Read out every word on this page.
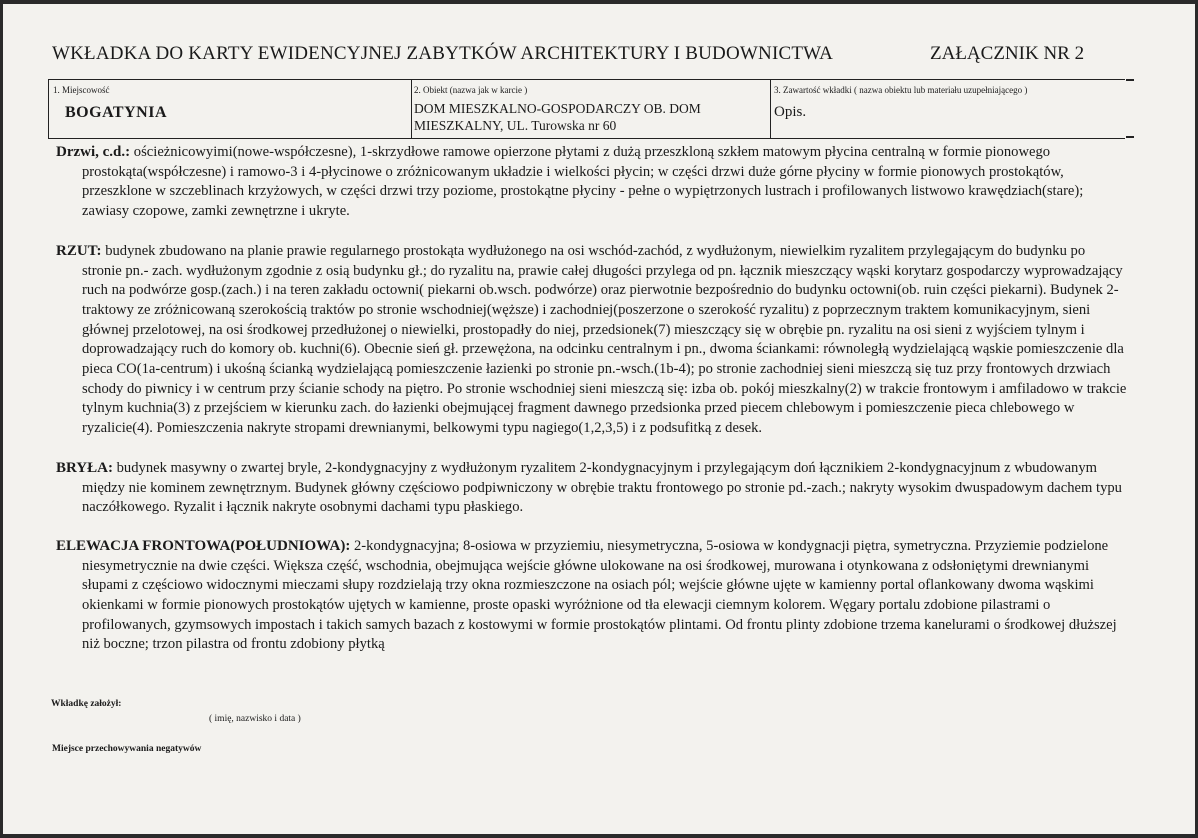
WKŁADKA DO KARTY EWIDENCYJNEJ ZABYTKÓW ARCHITEKTURY I BUDOWNICTWA	ZAŁĄCZNIK NR 2
1. Miejscowość
BOGATYNIA
2. Obiekt (nazwa jak w karcie )
DOM MIESZKALNO-GOSPODARCZY OB. DOM MIESZKALNY, UL. Turowska nr 60
3. Zawartość wkładki ( nazwa obiektu lub materiału uzupełniającego )
Opis.

Drzwi, c.d.: ościeżnicowyimi(nowe-współczesne), 1-skrzydłowe ramowe opierzone płytami z dużą przeszkloną szkłem matowym płycina centralną w formie pionowego prostokąta(współczesne) i ramowo-3 i 4-płycinowe o zróżnicowanym układzie i wielkości płycin; w części drzwi duże górne płyciny w formie pionowych prostokątów, przeszklone w szczeblinach krzyżowych, w części drzwi trzy poziome, prostokątne płyciny - pełne o wypiętrzonych lustrach i profilowanych listwowo krawędziach(stare); zawiasy czopowe, zamki zewnętrzne i ukryte.

RZUT: budynek zbudowano na planie prawie regularnego prostokąta wydłużonego na osi wschód-zachód, z wydłużonym, niewielkim ryzalitem przylegającym do budynku po stronie pn.- zach. wydłużonym zgodnie z osią budynku gł.; do ryzalitu na, prawie całej długości przylega od pn. łącznik mieszczący wąski korytarz gospodarczy wyprowadzający ruch na podwórze gosp.(zach.) i na teren zakładu octowni( piekarni ob.wsch. podwórze) oraz pierwotnie bezpośrednio do budynku octowni(ob. ruin części piekarni). Budynek 2-traktowy ze zróżnicowaną szerokością traktów po stronie wschodniej(węższe) i zachodniej(poszerzone o szerokość ryzalitu) z poprzecznym traktem komunikacyjnym, sieni głównej przelotowej, na osi środkowej przedłużonej o niewielki, prostopadły do niej, przedsionek(7) mieszczący się w obrębie pn. ryzalitu na osi sieni z wyjściem tylnym i doprowadzający ruch do komory ob. kuchni(6). Obecnie sień gł. przewężona, na odcinku centralnym i pn., dwoma ściankami: równoległą wydzielającą wąskie pomieszczenie dla pieca CO(1a-centrum) i ukośną ścianką wydzielającą pomieszczenie łazienki po stronie pn.-wsch.(1b-4); po stronie zachodniej sieni mieszczą się tuz przy frontowych drzwiach schody do piwnicy i w centrum przy ścianie schody na piętro. Po stronie wschodniej sieni mieszczą się: izba ob. pokój mieszkalny(2) w trakcie frontowym i amfiladowo w trakcie tylnym kuchnia(3) z przejściem w kierunku zach. do łazienki obejmującej fragment dawnego przedsionka przed piecem chlebowym i pomieszczenie pieca chlebowego w ryzalicie(4). Pomieszczenia nakryte stropami drewnianymi, belkowymi typu nagiego(1,2,3,5) i z podsufitką z desek.

BRYŁA: budynek masywny o zwartej bryle, 2-kondygnacyjny z wydłużonym ryzalitem 2-kondygnacyjnym i przylegającym doń łącznikiem 2-kondygnacyjnum z wbudowanym między nie kominem zewnętrznym. Budynek główny częściowo podpiwniczony w obrębie traktu frontowego po stronie pd.-zach.; nakryty wysokim dwuspadowym dachem typu naczółkowego. Ryzalit i łącznik nakryte osobnymi dachami typu płaskiego.

ELEWACJA FRONTOWA(POŁUDNIOWA): 2-kondygnacyjna; 8-osiowa w przyziemiu, niesymetryczna, 5-osiowa w kondygnacji piętra, symetryczna. Przyziemie podzielone niesymetrycznie na dwie części. Większa część, wschodnia, obejmująca wejście główne ulokowane na osi środkowej, murowana i otynkowana z odsłoniętymi drewnianymi słupami z częściowo widocznymi mieczami słupy rozdzielają trzy okna rozmieszczone na osiach pól; wejście główne ujęte w kamienny portal oflankowany dwoma wąskimi okienkami w formie pionowych prostokątów ujętych w kamienne, proste opaski wyróżnione od tła elewacji ciemnym kolorem. Węgary portalu zdobione pilastrami o profilowanych, gzymsowych impostach i takich samych bazach z kostowymi w formie prostokątów plintami. Od frontu plinty zdobione trzema kanelurami o środkowej dłuższej niż boczne; trzon pilastra od frontu zdobiony płytką

Wkładkę założył:
( imię, nazwisko i data )
Miejsce przechowywania negatywów
